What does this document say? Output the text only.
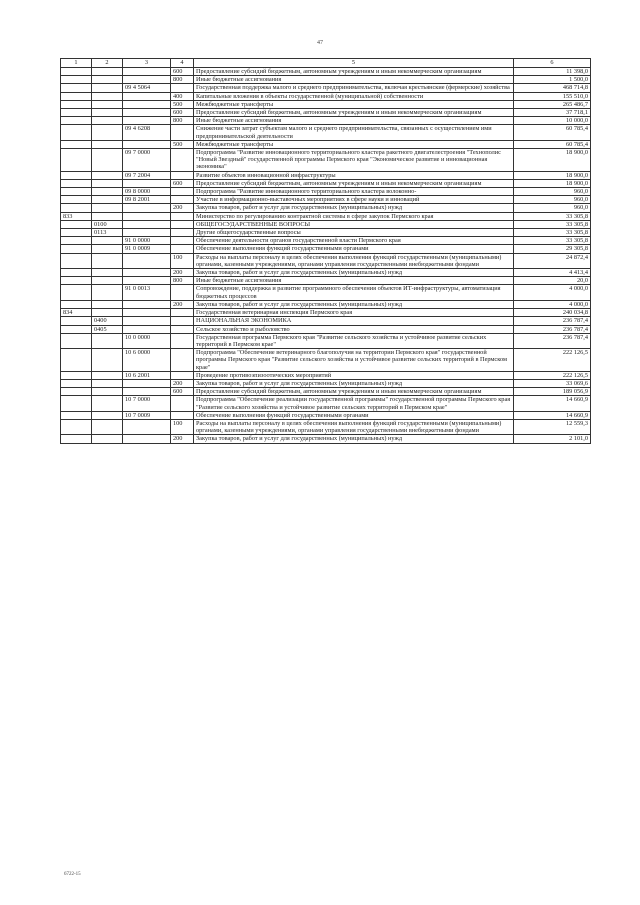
47
1	2	3	4	5	6
			600	Предоставление субсидий бюджетным, автономным учреждениям и иным некоммерческим организациям	11 398,0
			800	Иные бюджетные ассигнования	1 500,0
		09 4 5064		Государственная поддержка малого и среднего предпринимательства, включая крестьянские (фермерские) хозяйства	468 714,8
			400	Капитальные вложения в объекты государственной (муниципальной) собственности	155 510,0
			500	Межбюджетные трансферты	265 486,7
			600	Предоставление субсидий бюджетным, автономным учреждениям и иным некоммерческим организациям	37 718,1
			800	Иные бюджетные ассигнования	10 000,0
		09 4 6208		Снижение части затрат субъектам малого и среднего предпринимательства, связанных с осуществлением ими предпринимательской деятельности	60 785,4
			500	Межбюджетные трансферты	60 785,4
		09 7 0000		Подпрограмма "Развитие инновационного территориального кластера ракетного двигателестроения "Технополис "Новый Звездный" государственной программы Пермского края "Экономическое развитие и инновационная экономика"	18 900,0
		09 7 2004		Развитие объектов инновационной инфраструктуры	18 900,0
			600	Предоставление субсидий бюджетным, автономным учреждениям и иным некоммерческим организациям	18 900,0
		09 8 0000		Подпрограмма "Развитие инновационного территориального кластера волоконно-	960,0
		09 8 2001		Участие в информационно-выставочных мероприятиях в сфере науки и инноваций	960,0
			200	Закупка товаров, работ и услуг для государственных (муниципальных) нужд	960,0
833				Министерство по регулированию контрактной системы в сфере закупок Пермского края	33 305,8
	0100			ОБЩЕГОСУДАРСТВЕННЫЕ ВОПРОСЫ	33 305,8
	0113			Другие общегосударственные вопросы	33 305,8
		91 0 0000		Обеспечение деятельности органов государственной власти Пермского края	33 305,8
		91 0 0009		Обеспечение выполнения функций государственными органами	29 305,8
			100	Расходы на выплаты персоналу в целях обеспечения выполнения функций государственными (муниципальными) органами, казенными учреждениями, органами управления государственными внебюджетными фондами	24 872,4
			200	Закупка товаров, работ и услуг для государственных (муниципальных) нужд	4 413,4
			800	Иные бюджетные ассигнования	20,0
		91 0 0013		Сопровождение, поддержка и развитие программного обеспечения объектов ИТ-инфраструктуры, автоматизация бюджетных процессов	4 000,0
			200	Закупка товаров, работ и услуг для государственных (муниципальных) нужд	4 000,0
834				Государственная ветеринарная инспекция Пермского края	240 034,8
	0400			НАЦИОНАЛЬНАЯ ЭКОНОМИКА	236 787,4
	0405			Сельское хозяйство и рыболовство	236 787,4
		10 0 0000		Государственная программа Пермского края "Развитие сельского хозяйства и устойчивое развитие сельских территорий в Пермском крае"	236 787,4
		10 6 0000		Подпрограмма "Обеспечение ветеринарного благополучия на территории Пермского края" государственной программы Пермского края "Развитие сельского хозяйства и устойчивое развитие сельских территорий в Пермском крае"	222 126,5
		10 6 2001		Проведение противоэпизоотических мероприятий	222 126,5
			200	Закупка товаров, работ и услуг для государственных (муниципальных) нужд	33 069,6
			600	Предоставление субсидий бюджетным, автономным учреждениям и иным некоммерческим организациям	189 056,9
		10 7 0000		Подпрограмма "Обеспечение реализации государственной программы" государственной программы Пермского края "Развитие сельского хозяйства и устойчивое развитие сельских территорий в Пермском крае"	14 660,9
		10 7 0009		Обеспечение выполнения функций государственными органами	14 660,9
			100	Расходы на выплаты персоналу в целях обеспечения выполнения функций государственными (муниципальными) органами, казенными учреждениями, органами управления государственными внебюджетными фондами	12 559,3
			200	Закупка товаров, работ и услуг для государственных (муниципальных) нужд	2 101,0
6722-15
